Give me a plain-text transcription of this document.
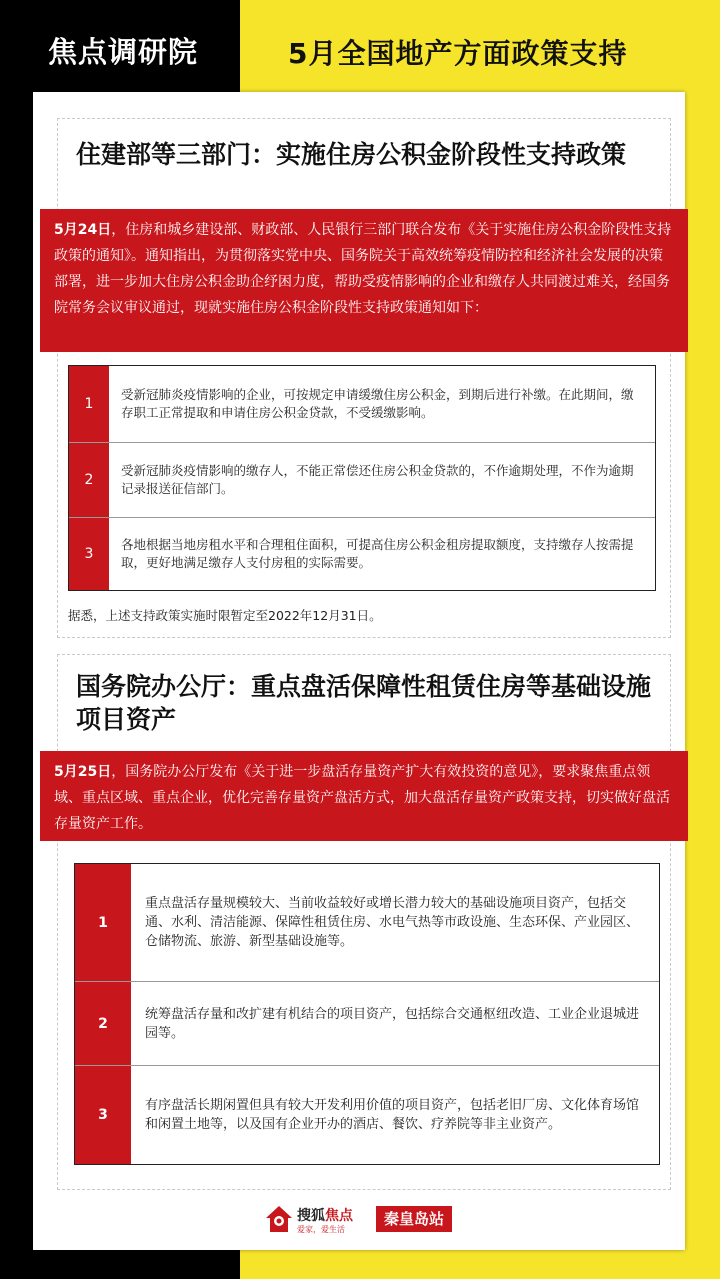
焦点调研院	5月全国地产方面政策支持
住建部等三部门：实施住房公积金阶段性支持政策
5月24日，住房和城乡建设部、财政部、人民银行三部门联合发布《关于实施住房公积金阶段性支持政策的通知》。通知指出，为贯彻落实党中央、国务院关于高效统筹疫情防控和经济社会发展的决策部署，进一步加大住房公积金助企纾困力度，帮助受疫情影响的企业和缴存人共同渡过难关，经国务院常务会议审议通过，现就实施住房公积金阶段性支持政策通知如下：
1
受新冠肺炎疫情影响的企业，可按规定申请缓缴住房公积金，到期后进行补缴。在此期间，缴存职工正常提取和申请住房公积金贷款，不受缓缴影响。
2
受新冠肺炎疫情影响的缴存人，不能正常偿还住房公积金贷款的，不作逾期处理，不作为逾期记录报送征信部门。
3
各地根据当地房租水平和合理租住面积，可提高住房公积金租房提取额度，支持缴存人按需提取，更好地满足缴存人支付房租的实际需要。
据悉，上述支持政策实施时限暂定至2022年12月31日。
国务院办公厅：重点盘活保障性租赁住房等基础设施项目资产
5月25日，国务院办公厅发布《关于进一步盘活存量资产扩大有效投资的意见》，要求聚焦重点领域、重点区域、重点企业，优化完善存量资产盘活方式，加大盘活存量资产政策支持，切实做好盘活存量资产工作。
1
重点盘活存量规模较大、当前收益较好或增长潜力较大的基础设施项目资产，包括交通、水利、清洁能源、保障性租赁住房、水电气热等市政设施、生态环保、产业园区、仓储物流、旅游、新型基础设施等。
2
统筹盘活存量和改扩建有机结合的项目资产，包括综合交通枢纽改造、工业企业退城进园等。
3
有序盘活长期闲置但具有较大开发利用价值的项目资产，包括老旧厂房、文化体育场馆和闲置土地等，以及国有企业开办的酒店、餐饮、疗养院等非主业资产。
搜狐焦点
爱家，爱生活
秦皇岛站
